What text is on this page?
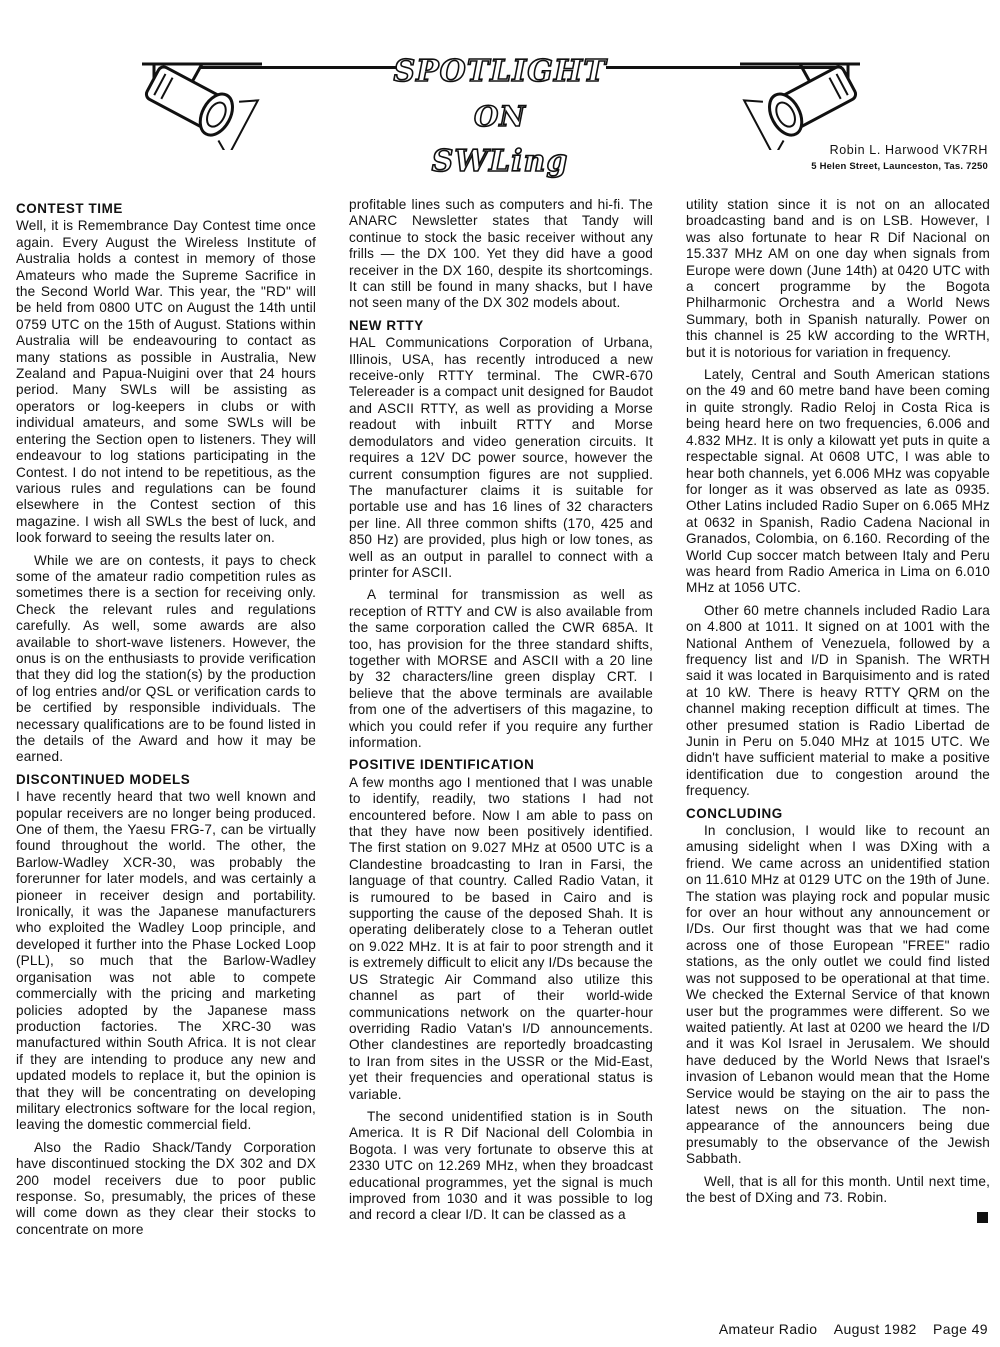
SPOTLIGHT
ON
SWLing	Robin L. Harwood VK7RH
5 Helen Street, Launceston, Tas. 7250
CONTEST TIME

Well, it is Remembrance Day Contest time once again. Every August the Wireless Institute of Australia holds a contest in memory of those Amateurs who made the Supreme Sacrifice in the Second World War. This year, the "RD" will be held from 0800 UTC on August the 14th until 0759 UTC on the 15th of August. Stations within Australia will be endeavouring to contact as many stations as possible in Australia, New Zealand and Papua-Nuigini over that 24 hours period. Many SWLs will be assisting as operators or log-keepers in clubs or with individual amateurs, and some SWLs will be entering the Section open to listeners. They will endeavour to log stations participating in the Contest. I do not intend to be repetitious, as the various rules and regulations can be found elsewhere in the Contest section of this magazine. I wish all SWLs the best of luck, and look forward to seeing the results later on.

While we are on contests, it pays to check some of the amateur radio competition rules as sometimes there is a section for receiving only. Check the relevant rules and regulations carefully. As well, some awards are also available to short-wave listeners. However, the onus is on the enthusiasts to provide verification that they did log the station(s) by the production of log entries and/or QSL or verification cards to be certified by responsible individuals. The necessary qualifications are to be found listed in the details of the Award and how it may be earned.

DISCONTINUED MODELS

I have recently heard that two well known and popular receivers are no longer being produced. One of them, the Yaesu FRG-7, can be virtually found throughout the world. The other, the Barlow-Wadley XCR-30, was probably the forerunner for later models, and was certainly a pioneer in receiver design and portability. Ironically, it was the Japanese manufacturers who exploited the Wadley Loop principle, and developed it further into the Phase Locked Loop (PLL), so much that the Barlow-Wadley organisation was not able to compete commercially with the pricing and marketing policies adopted by the Japanese mass production factories. The XRC-30 was manufactured within South Africa. It is not clear if they are intending to produce any new and updated models to replace it, but the opinion is that they will be concentrating on developing military electronics software for the local region, leaving the domestic commercial field.

Also the Radio Shack/Tandy Corporation have discontinued stocking the DX 302 and DX 200 model receivers due to poor public response. So, presumably, the prices of these will come down as they clear their stocks to concentrate on more

profitable lines such as computers and hi-fi. The ANARC Newsletter states that Tandy will continue to stock the basic receiver without any frills — the DX 100. Yet they did have a good receiver in the DX 160, despite its shortcomings. It can still be found in many shacks, but I have not seen many of the DX 302 models about.

NEW RTTY

HAL Communications Corporation of Urbana, Illinois, USA, has recently introduced a new receive-only RTTY terminal. The CWR-670 Telereader is a compact unit designed for Baudot and ASCII RTTY, as well as providing a Morse readout with inbuilt RTTY and Morse demodulators and video generation circuits. It requires a 12V DC power source, however the current consumption figures are not supplied. The manufacturer claims it is suitable for portable use and has 16 lines of 32 characters per line. All three common shifts (170, 425 and 850 Hz) are provided, plus high or low tones, as well as an output in parallel to connect with a printer for ASCII.

A terminal for transmission as well as reception of RTTY and CW is also available from the same corporation called the CWR 685A. It too, has provision for the three standard shifts, together with MORSE and ASCII with a 20 line by 32 characters/line green display CRT. I believe that the above terminals are available from one of the advertisers of this magazine, to which you could refer if you require any further information.

POSITIVE IDENTIFICATION

A few months ago I mentioned that I was unable to identify, readily, two stations I had not encountered before. Now I am able to pass on that they have now been positively identified. The first station on 9.027 MHz at 0500 UTC is a Clandestine broadcasting to Iran in Farsi, the language of that country. Called Radio Vatan, it is rumoured to be based in Cairo and is supporting the cause of the deposed Shah. It is operating deliberately close to a Teheran outlet on 9.022 MHz. It is at fair to poor strength and it is extremely difficult to elicit any I/Ds because the US Strategic Air Command also utilize this channel as part of their world-wide communications network on the quarter-hour overriding Radio Vatan's I/D announcements. Other clandestines are reportedly broadcasting to Iran from sites in the USSR or the Mid-East, yet their frequencies and operational status is variable.

The second unidentified station is in South America. It is R Dif Nacional dell Colombia in Bogota. I was very fortunate to observe this at 2330 UTC on 12.269 MHz, when they broadcast educational programmes, yet the signal is much improved from 1030 and it was possible to log and record a clear I/D. It can be classed as a

utility station since it is not on an allocated broadcasting band and is on LSB. However, I was also fortunate to hear R Dif Nacional on 15.337 MHz AM on one day when signals from Europe were down (June 14th) at 0420 UTC with a concert programme by the Bogota Philharmonic Orchestra and a World News Summary, both in Spanish naturally. Power on this channel is 25 kW according to the WRTH, but it is notorious for variation in frequency.

Lately, Central and South American stations on the 49 and 60 metre band have been coming in quite strongly. Radio Reloj in Costa Rica is being heard here on two frequencies, 6.006 and 4.832 MHz. It is only a kilowatt yet puts in quite a respectable signal. At 0608 UTC, I was able to hear both channels, yet 6.006 MHz was copyable for longer as it was observed as late as 0935. Other Latins included Radio Super on 6.065 MHz at 0632 in Spanish, Radio Cadena Nacional in Granados, Colombia, on 6.160. Recording of the World Cup soccer match between Italy and Peru was heard from Radio America in Lima on 6.010 MHz at 1056 UTC.

Other 60 metre channels included Radio Lara on 4.800 at 1011. It signed on at 1001 with the National Anthem of Venezuela, followed by a frequency list and I/D in Spanish. The WRTH said it was located in Barquisimento and is rated at 10 kW. There is heavy RTTY QRM on the channel making reception difficult at times. The other presumed station is Radio Libertad de Junin in Peru on 5.040 MHz at 1015 UTC. We didn't have sufficient material to make a positive identification due to congestion around the frequency.

CONCLUDING

In conclusion, I would like to recount an amusing sidelight when I was DXing with a friend. We came across an unidentified station on 11.610 MHz at 0129 UTC on the 19th of June. The station was playing rock and popular music for over an hour without any announcement or I/Ds. Our first thought was that we had come across one of those European "FREE" radio stations, as the only outlet we could find listed was not supposed to be operational at that time. We checked the External Service of that known user but the programmes were different. So we waited patiently. At last at 0200 we heard the I/D and it was Kol Israel in Jerusalem. We should have deduced by the World News that Israel's invasion of Lebanon would mean that the Home Service would be staying on the air to pass the latest news on the situation. The non-appearance of the announcers being due presumably to the observance of the Jewish Sabbath.

Well, that is all for this month. Until next time, the best of DXing and 73. Robin.

Amateur Radio August 1982 Page 49
